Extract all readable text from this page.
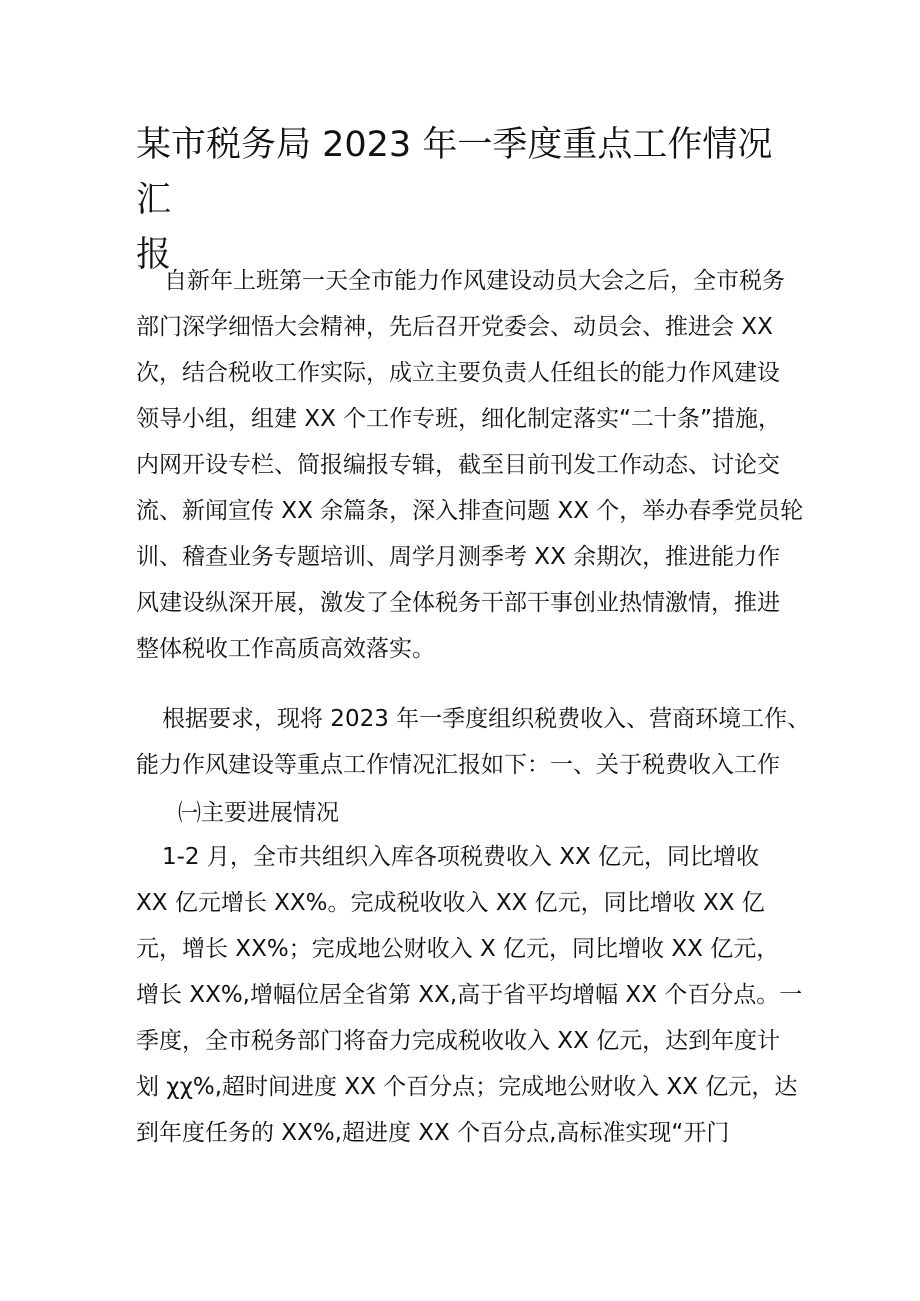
某市税务局 2023 年一季度重点工作情况汇
报
自新年上班第一天全市能力作风建设动员大会之后，全市税务
部门深学细悟大会精神，先后召开党委会、动员会、推进会 XX
次，结合税收工作实际，成立主要负责人任组长的能力作风建设
领导小组，组建 XX 个工作专班，细化制定落实“二十条”措施，
内网开设专栏、简报编报专辑，截至目前刊发工作动态、讨论交
流、新闻宣传 XX 余篇条，深入排查问题 XX 个，举办春季党员轮
训、稽查业务专题培训、周学月测季考 XX 余期次，推进能力作
风建设纵深开展，激发了全体税务干部干事创业热情激情，推进
整体税收工作高质高效落实。
根据要求，现将 2023 年一季度组织税费收入、营商环境工作、
能力作风建设等重点工作情况汇报如下：一、关于税费收入工作
㈠主要进展情况
1-2 月，全市共组织入库各项税费收入 XX 亿元，同比增收
XX 亿元增长 XX%。完成税收收入 XX 亿元，同比增收 XX 亿
元，增长 XX%；完成地公财收入 X 亿元，同比增收 XX 亿元，
增长 XX%,增幅位居全省第 XX,高于省平均增幅 XX 个百分点。一
季度，全市税务部门将奋力完成税收收入 XX 亿元，达到年度计
划 χχ%,超时间进度 XX 个百分点；完成地公财收入 XX 亿元，达
到年度任务的 XX%,超进度 XX 个百分点,高标准实现“开门
